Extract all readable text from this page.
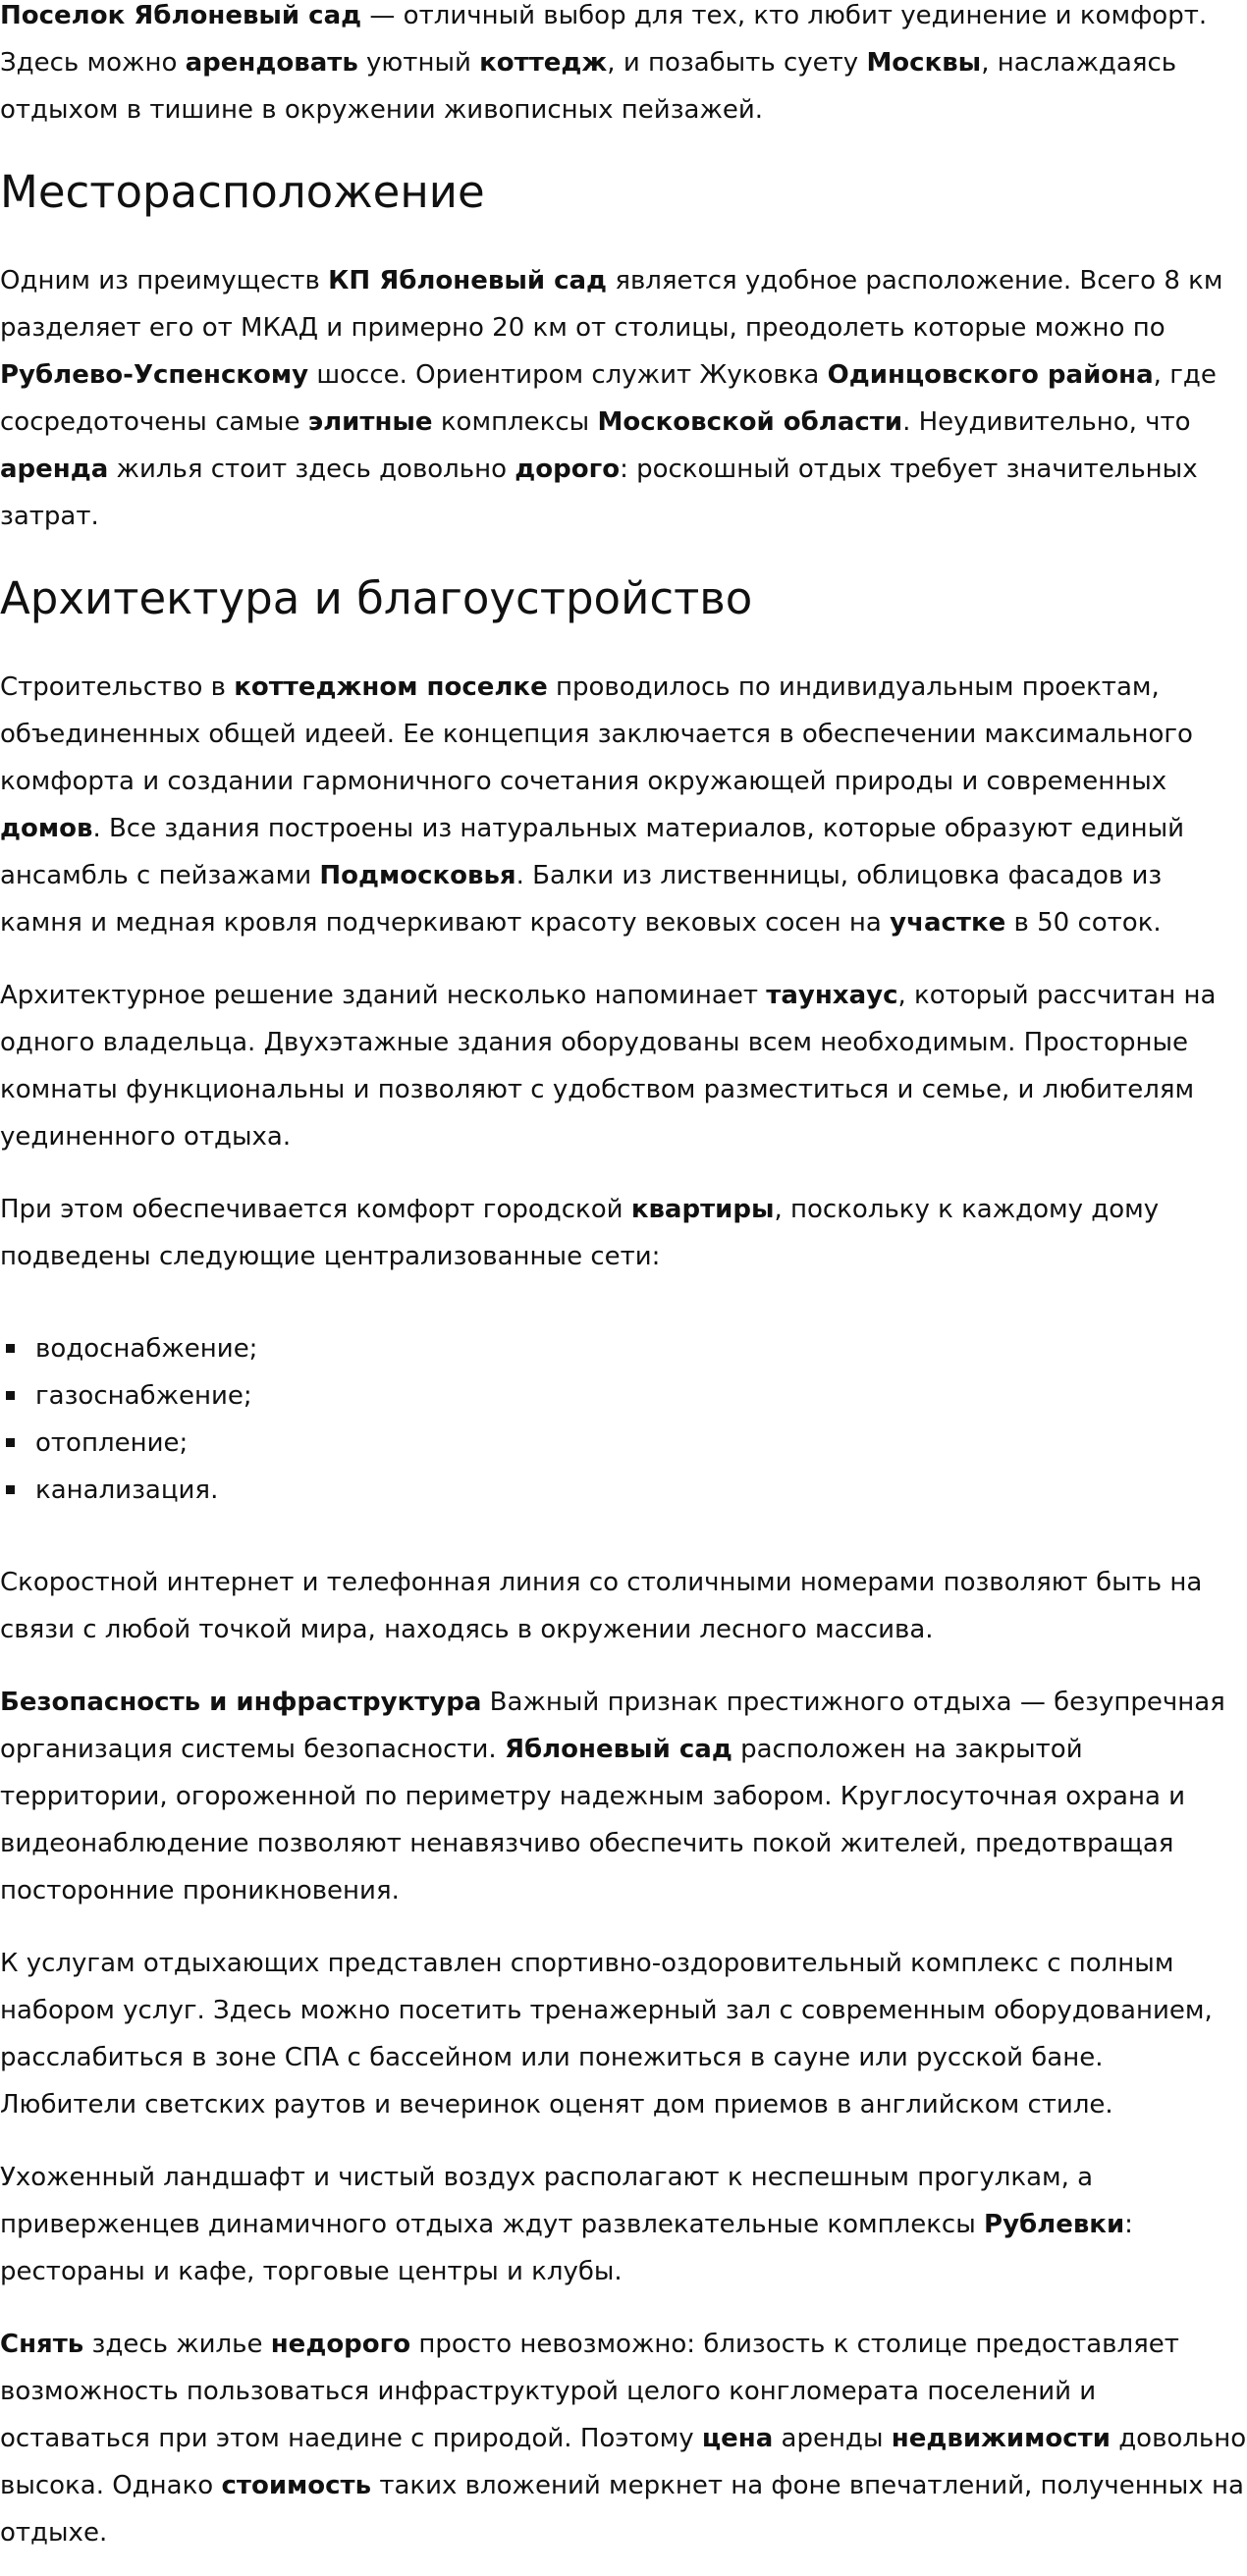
Поселок Яблоневый сад — отличный выбор для тех, кто любит уединение и комфорт. Здесь можно арендовать уютный коттедж, и позабыть суету Москвы, наслаждаясь отдыхом в тишине в окружении живописных пейзажей.

Месторасположение

Одним из преимуществ КП Яблоневый сад является удобное расположение. Всего 8 км разделяет его от МКАД и примерно 20 км от столицы, преодолеть которые можно по Рублево-Успенскому шоссе. Ориентиром служит Жуковка Одинцовского района, где сосредоточены самые элитные комплексы Московской области. Неудивительно, что аренда жилья стоит здесь довольно дорого: роскошный отдых требует значительных затрат.

Архитектура и благоустройство

Строительство в коттеджном поселке проводилось по индивидуальным проектам, объединенных общей идеей. Ее концепция заключается в обеспечении максимального комфорта и создании гармоничного сочетания окружающей природы и современных домов. Все здания построены из натуральных материалов, которые образуют единый ансамбль с пейзажами Подмосковья. Балки из лиственницы, облицовка фасадов из камня и медная кровля подчеркивают красоту вековых сосен на участке в 50 соток.

Архитектурное решение зданий несколько напоминает таунхаус, который рассчитан на одного владельца. Двухэтажные здания оборудованы всем необходимым. Просторные комнаты функциональны и позволяют с удобством разместиться и семье, и любителям уединенного отдыха.

При этом обеспечивается комфорт городской квартиры, поскольку к каждому дому подведены следующие централизованные сети:

водоснабжение;
газоснабжение;
отопление;
канализация.

Скоростной интернет и телефонная линия со столичными номерами позволяют быть на связи с любой точкой мира, находясь в окружении лесного массива.

Безопасность и инфраструктура Важный признак престижного отдыха — безупречная организация системы безопасности. Яблоневый сад расположен на закрытой территории, огороженной по периметру надежным забором. Круглосуточная охрана и видеонаблюдение позволяют ненавязчиво обеспечить покой жителей, предотвращая посторонние проникновения.

К услугам отдыхающих представлен спортивно-оздоровительный комплекс с полным набором услуг. Здесь можно посетить тренажерный зал с современным оборудованием, расслабиться в зоне СПА с бассейном или понежиться в сауне или русской бане. Любители светских раутов и вечеринок оценят дом приемов в английском стиле.

Ухоженный ландшафт и чистый воздух располагают к неспешным прогулкам, а приверженцев динамичного отдыха ждут развлекательные комплексы Рублевки: рестораны и кафе, торговые центры и клубы.

Снять здесь жилье недорого просто невозможно: близость к столице предоставляет возможность пользоваться инфраструктурой целого конгломерата поселений и оставаться при этом наедине с природой. Поэтому цена аренды недвижимости довольно высока. Однако стоимость таких вложений меркнет на фоне впечатлений, полученных на отдыхе.
